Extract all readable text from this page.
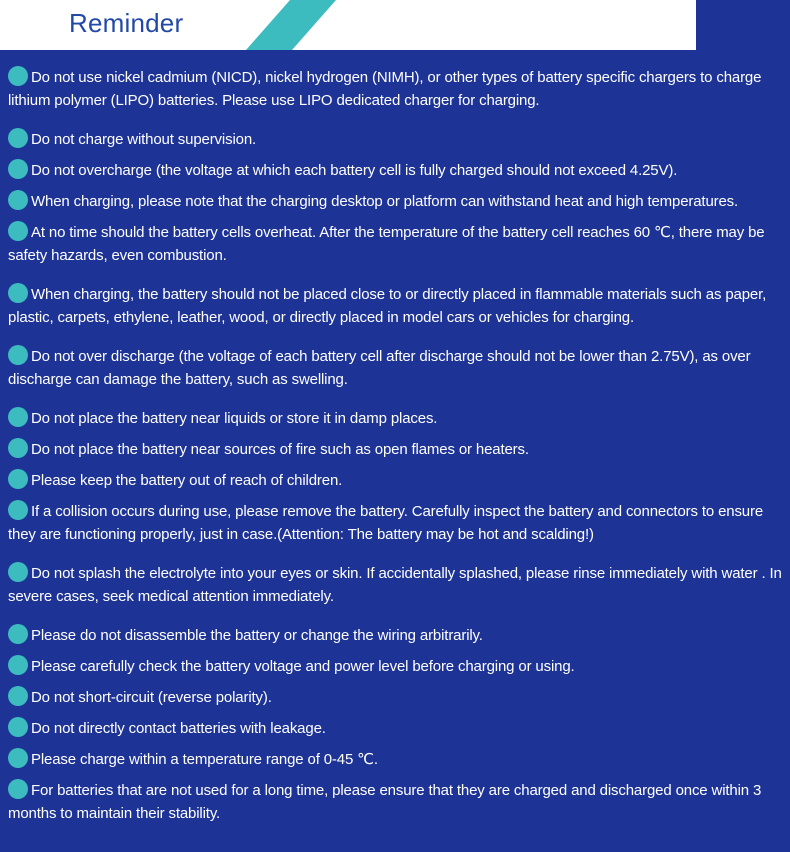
Reminder
Do not use nickel cadmium (NICD), nickel hydrogen (NIMH), or other types of battery specific chargers to charge lithium polymer (LIPO) batteries. Please use LIPO dedicated charger for charging.
Do not charge without supervision.
Do not overcharge (the voltage at which each battery cell is fully charged should not exceed 4.25V).
When charging, please note that the charging desktop or platform can withstand heat and high temperatures.
At no time should the battery cells overheat. After the temperature of the battery cell reaches 60 ℃, there may be safety hazards, even combustion.
When charging, the battery should not be placed close to or directly placed in flammable materials such as paper, plastic, carpets, ethylene, leather, wood, or directly placed in model cars or vehicles for charging.
Do not over discharge (the voltage of each battery cell after discharge should not be lower than 2.75V), as over discharge can damage the battery, such as swelling.
Do not place the battery near liquids or store it in damp places.
Do not place the battery near sources of fire such as open flames or heaters.
Please keep the battery out of reach of children.
If a collision occurs during use, please remove the battery. Carefully inspect the battery and connectors to ensure they are functioning properly, just in case.(Attention: The battery may be hot and scalding!)
Do not splash the electrolyte into your eyes or skin. If accidentally splashed, please rinse immediately with water . In severe cases, seek medical attention immediately.
Please do not disassemble the battery or change the wiring arbitrarily.
Please carefully check the battery voltage and power level before charging or using.
Do not short-circuit (reverse polarity).
Do not directly contact batteries with leakage.
Please charge within a temperature range of 0-45 ℃.
For batteries that are not used for a long time, please ensure that they are charged and discharged once within 3 months to maintain their stability.
